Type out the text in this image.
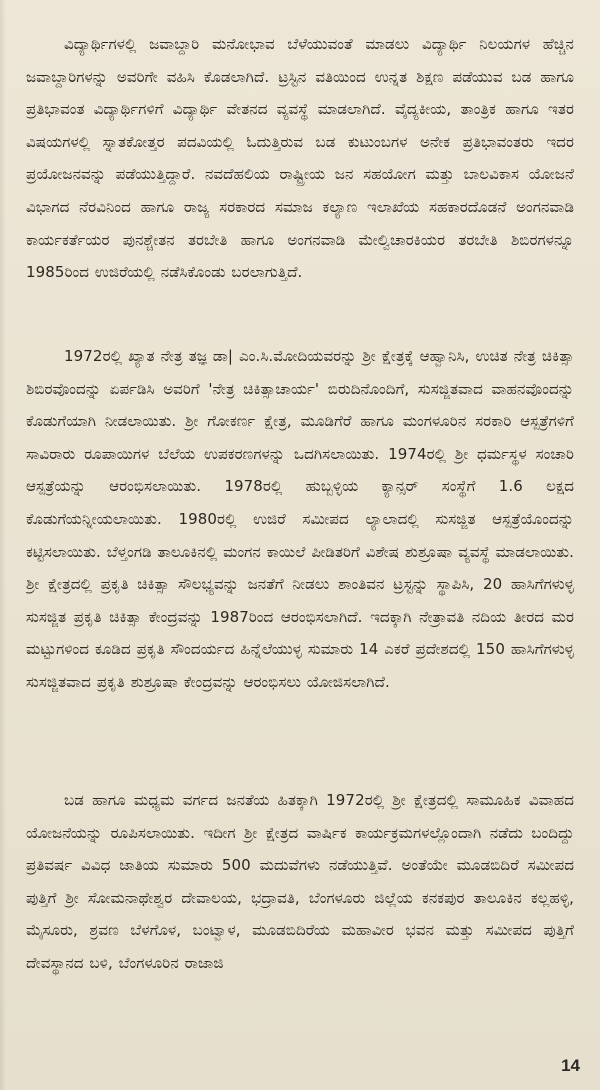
ವಿದ್ಯಾರ್ಥಿಗಳಲ್ಲಿ ಜವಾಬ್ದಾರಿ ಮನೋಭಾವ ಬೆಳೆಯುವಂತೆ ಮಾಡಲು ವಿದ್ಯಾರ್ಥಿ ನಿಲಯಗಳ ಹೆಚ್ಚಿನ ಜವಾಬ್ದಾರಿಗಳನ್ನು ಅವರಿಗೇ ವಹಿಸಿ ಕೊಡಲಾಗಿದೆ. ಟ್ರಸ್ಟಿನ ವತಿಯಿಂದ ಉನ್ನತ ಶಿಕ್ಷಣ ಪಡೆಯುವ ಬಡ ಹಾಗೂ ಪ್ರತಿಭಾವಂತ ವಿದ್ಯಾರ್ಥಿಗಳಿಗೆ ವಿದ್ಯಾರ್ಥಿ ವೇತನದ ವ್ಯವಸ್ಥೆ ಮಾಡಲಾಗಿದೆ. ವೈದ್ಯಕೀಯ, ತಾಂತ್ರಿಕ ಹಾಗೂ ಇತರ ವಿಷಯಗಳಲ್ಲಿ ಸ್ನಾತಕೋತ್ತರ ಪದವಿಯಲ್ಲಿ ಓದುತ್ತಿರುವ ಬಡ ಕುಟುಂಬಗಳ ಅನೇಕ ಪ್ರತಿಭಾವಂತರು ಇದರ ಪ್ರಯೋಜನವನ್ನು ಪಡೆಯುತ್ತಿದ್ದಾರೆ. ನವದೆಹಲಿಯ ರಾಷ್ಟ್ರೀಯ ಜನ ಸಹಯೋಗ ಮತ್ತು ಬಾಲವಿಕಾಸ ಯೋಜನೆ ವಿಭಾಗದ ನೆರವಿನಿಂದ ಹಾಗೂ ರಾಜ್ಯ ಸರಕಾರದ ಸಮಾಜ ಕಲ್ಯಾಣ ಇಲಾಖೆಯ ಸಹಕಾರದೊಡನೆ ಅಂಗನವಾಡಿ ಕಾರ್ಯಕರ್ತೆಯರ ಪುನಶ್ಚೇತನ ತರಬೇತಿ ಹಾಗೂ ಅಂಗನವಾಡಿ ಮೇಲ್ವಿಚಾರಕಿಯರ ತರಬೇತಿ ಶಿಬಿರಗಳನ್ನೂ 1985ರಿಂದ ಉಜಿರೆಯಲ್ಲಿ ನಡೆಸಿಕೊಂಡು ಬರಲಾಗುತ್ತಿದೆ.

1972ರಲ್ಲಿ ಖ್ಯಾತ ನೇತ್ರ ತಜ್ಞ ಡಾ| ಎಂ.ಸಿ.ಮೋದಿಯವರನ್ನು ಶ್ರೀ ಕ್ಷೇತ್ರಕ್ಕೆ ಆಹ್ವಾನಿಸಿ, ಉಚಿತ ನೇತ್ರ ಚಿಕಿತ್ಸಾ ಶಿಬಿರವೊಂದನ್ನು ಏರ್ಪಡಿಸಿ ಅವರಿಗೆ 'ನೇತ್ರ ಚಿಕಿತ್ಸಾಚಾರ್ಯ' ಬಿರುದಿನೊಂದಿಗೆ, ಸುಸಜ್ಜಿತವಾದ ವಾಹನವೊಂದನ್ನು ಕೊಡುಗೆಯಾಗಿ ನೀಡಲಾಯಿತು. ಶ್ರೀ ಗೋಕರ್ಣ ಕ್ಷೇತ್ರ, ಮೂಡಿಗೆರೆ ಹಾಗೂ ಮಂಗಳೂರಿನ ಸರಕಾರಿ ಆಸ್ಪತ್ರೆಗಳಿಗೆ ಸಾವಿರಾರು ರೂಪಾಯಿಗಳ ಬೆಲೆಯ ಉಪಕರಣಗಳನ್ನು ಒದಗಿಸಲಾಯಿತು. 1974ರಲ್ಲಿ ಶ್ರೀ ಧರ್ಮಸ್ಥಳ ಸಂಚಾರಿ ಆಸ್ಪತ್ರೆಯನ್ನು ಆರಂಭಿಸಲಾಯಿತು. 1978ರಲ್ಲಿ ಹುಬ್ಬಳ್ಳಿಯ ಕ್ಯಾನ್ಸರ್ ಸಂಸ್ಥೆಗೆ 1.6 ಲಕ್ಷದ ಕೊಡುಗೆಯನ್ನೀಯಲಾಯಿತು. 1980ರಲ್ಲಿ ಉಜಿರೆ ಸಮೀಪದ ಲ್ಯಾಲಾದಲ್ಲಿ ಸುಸಜ್ಜಿತ ಆಸ್ಪತ್ರೆಯೊಂದನ್ನು ಕಟ್ಟಿಸಲಾಯಿತು. ಬೆಳ್ತಂಗಡಿ ತಾಲೂಕಿನಲ್ಲಿ ಮಂಗನ ಕಾಯಿಲೆ ಪೀಡಿತರಿಗೆ ವಿಶೇಷ ಶುಶ್ರೂಷಾ ವ್ಯವಸ್ಥೆ ಮಾಡಲಾಯಿತು. ಶ್ರೀ ಕ್ಷೇತ್ರದಲ್ಲಿ ಪ್ರಕೃತಿ ಚಿಕಿತ್ಸಾ ಸೌಲಭ್ಯವನ್ನು ಜನತೆಗೆ ನೀಡಲು ಶಾಂತಿವನ ಟ್ರಸ್ಟನ್ನು ಸ್ಥಾಪಿಸಿ, 20 ಹಾಸಿಗೆಗಳುಳ್ಳ ಸುಸಜ್ಜಿತ ಪ್ರಕೃತಿ ಚಿಕಿತ್ಸಾ ಕೇಂದ್ರವನ್ನು 1987ರಿಂದ ಆರಂಭಿಸಲಾಗಿದೆ. ಇದಕ್ಕಾಗಿ ನೇತ್ರಾವತಿ ನದಿಯ ತೀರದ ಮರ ಮಟ್ಟುಗಳಿಂದ ಕೂಡಿದ ಪ್ರಕೃತಿ ಸೌಂದರ್ಯದ ಹಿನ್ನೆಲೆಯುಳ್ಳ ಸುಮಾರು 14 ಎಕರೆ ಪ್ರದೇಶದಲ್ಲಿ 150 ಹಾಸಿಗೆಗಳುಳ್ಳ ಸುಸಜ್ಜಿತವಾದ ಪ್ರಕೃತಿ ಶುಶ್ರೂಷಾ ಕೇಂದ್ರವನ್ನು ಆರಂಭಿಸಲು ಯೋಜಿಸಲಾಗಿದೆ.

ಬಡ ಹಾಗೂ ಮಧ್ಯಮ ವರ್ಗದ ಜನತೆಯ ಹಿತಕ್ಕಾಗಿ 1972ರಲ್ಲಿ ಶ್ರೀ ಕ್ಷೇತ್ರದಲ್ಲಿ ಸಾಮೂಹಿಕ ವಿವಾಹದ ಯೋಜನೆಯನ್ನು ರೂಪಿಸಲಾಯಿತು. ಇದೀಗ ಶ್ರೀ ಕ್ಷೇತ್ರದ ವಾರ್ಷಿಕ ಕಾರ್ಯಕ್ರಮಗಳಲ್ಲೊಂದಾಗಿ ನಡೆದು ಬಂದಿದ್ದು ಪ್ರತಿವರ್ಷ ವಿವಿಧ ಜಾತಿಯ ಸುಮಾರು 500 ಮದುವೆಗಳು ನಡೆಯುತ್ತಿವೆ. ಅಂತೆಯೇ ಮೂಡಬಿದಿರೆ ಸಮೀಪದ ಪುತ್ತಿಗೆ ಶ್ರೀ ಸೋಮನಾಥೇಶ್ವರ ದೇವಾಲಯ, ಭದ್ರಾವತಿ, ಬೆಂಗಳೂರು ಜಿಲ್ಲೆಯ ಕನಕಪುರ ತಾಲೂಕಿನ ಕಲ್ಲಹಳ್ಳಿ, ಮೈಸೂರು, ಶ್ರವಣ ಬೆಳಗೊಳ, ಬಂಟ್ವಾಳ, ಮೂಡಬಿದಿರೆಯ ಮಹಾವೀರ ಭವನ ಮತ್ತು ಸಮೀಪದ ಪುತ್ತಿಗೆ ದೇವಸ್ಥಾನದ ಬಳಿ, ಬೆಂಗಳೂರಿನ ರಾಜಾಜಿ

14
